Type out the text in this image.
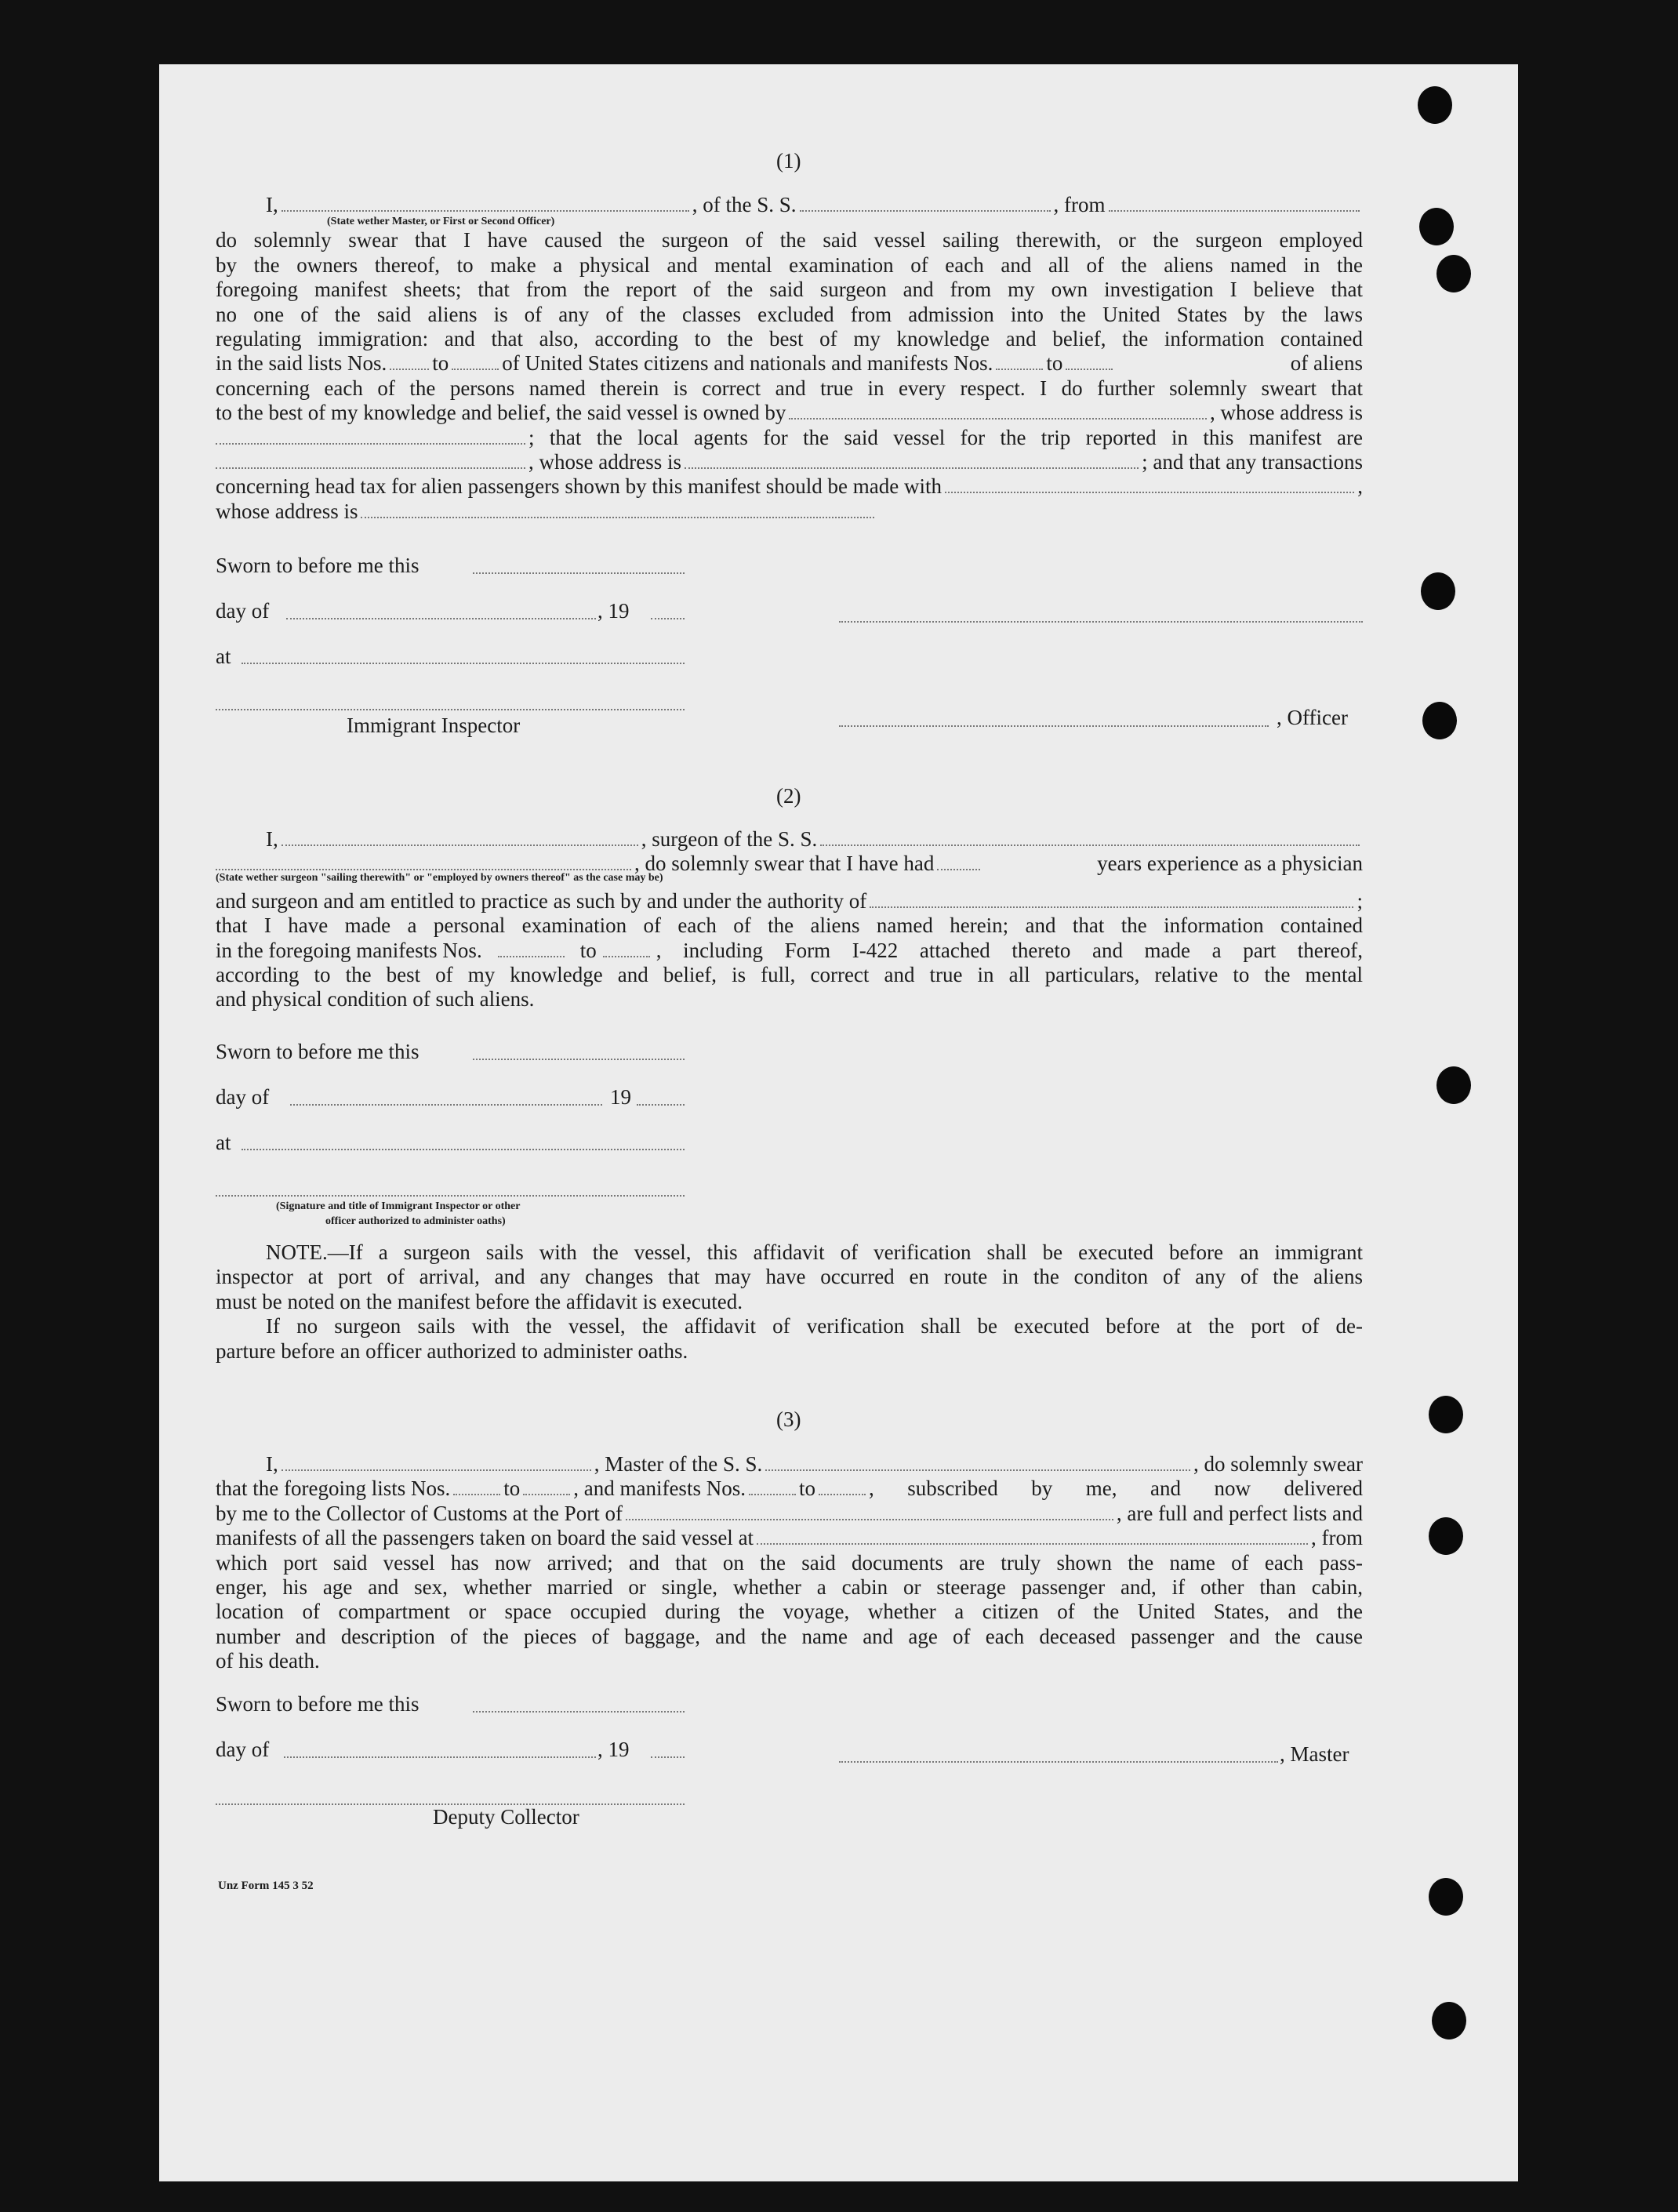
(1)
I,	, of the S. S.	, from
(State wether Master, or First or Second Officer)
do solemnly swear that I have caused the surgeon of the said vessel sailing therewith, or the surgeon employed
by the owners thereof, to make a physical and mental examination of each and all of the aliens named in the
foregoing manifest sheets; that from the report of the said surgeon and from my own investigation I believe that
no one of the said aliens is of any of the classes excluded from admission into the United States by the laws
regulating immigration: and that also, according to the best of my knowledge and belief, the information contained
in the said lists Nos. to	of United States citizens and nationals and manifests Nos.	to	of aliens
concerning each of the persons named therein is correct and true in every respect. I do further solemnly sweart that
to the best of my knowledge and belief, the said vessel is owned by	, whose address is
; that the local agents for the said vessel for the trip reported in this manifest are
, whose address is	; and that any transactions
concerning head tax for alien passengers shown by this manifest should be made with	,
whose address is
Sworn to before me this
day of	, 19
at
Immigrant Inspector	, Officer
(2)
I,	, surgeon of the S. S.
, do solemnly swear that I have had	years experience as a physician
(State wether surgeon "sailing therewith" or "employed by owners thereof" as the case may be)
and surgeon and am entitled to practice as such by and under the authority of	;
that I have made a personal examination of each of the aliens named herein; and that the information contained
in the foregoing manifests Nos.	to	, including Form I-422 attached thereto and made a part thereof,
according to the best of my knowledge and belief, is full, correct and true in all particulars, relative to the mental
and physical condition of such aliens.
Sworn to before me this
day of	19
at
(Signature and title of Immigrant Inspector or other
officer authorized to administer oaths)
NOTE.—If a surgeon sails with the vessel, this affidavit of verification shall be executed before an immigrant
inspector at port of arrival, and any changes that may have occurred en route in the conditon of any of the aliens
must be noted on the manifest before the affidavit is executed.
If no surgeon sails with the vessel, the affidavit of verification shall be executed before at the port of de-
parture before an officer authorized to administer oaths.
(3)
I,	, Master of the S. S.	, do solemnly swear
that the foregoing lists Nos.	to	, and manifests Nos.	to	, subscribed by me, and now delivered
by me to the Collector of Customs at the Port of	, are full and perfect lists and
manifests of all the passengers taken on board the said vessel at	, from
which port said vessel has now arrived; and that on the said documents are truly shown the name of each pass-
enger, his age and sex, whether married or single, whether a cabin or steerage passenger and, if other than cabin,
location of compartment or space occupied during the voyage, whether a citizen of the United States, and the
number and description of the pieces of baggage, and the name and age of each deceased passenger and the cause
of his death.
Sworn to before me this
day of	, 19	, Master
Deputy Collector
Unz Form 145 3 52
